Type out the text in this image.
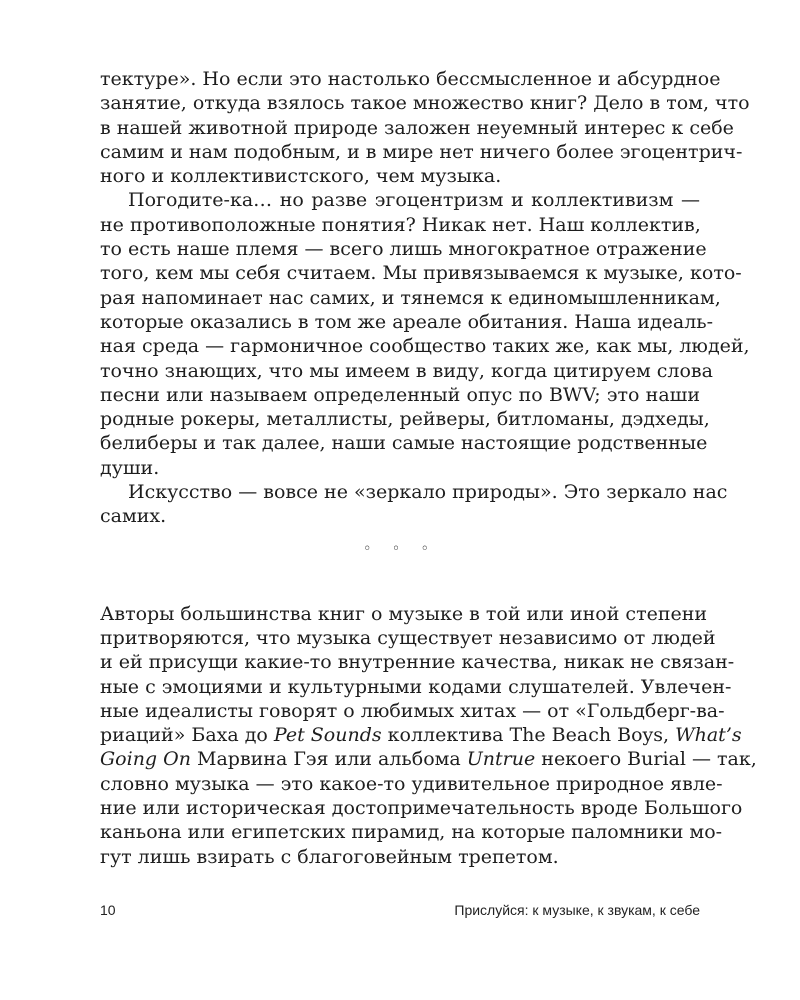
тектуре». Но если это настолько бессмысленное и абсурдное
занятие, откуда взялось такое множество книг? Дело в том, что
в нашей животной природе заложен неуемный интерес к себе
самим и нам подобным, и в мире нет ничего более эгоцентрич-
ного и коллективистского, чем музыка.
Погодите-ка… но разве эгоцентризм и коллективизм —
не противоположные понятия? Никак нет. Наш коллектив,
то есть наше племя — всего лишь многократное отражение
того, кем мы себя считаем. Мы привязываемся к музыке, кото-
рая напоминает нас самих, и тянемся к единомышленникам,
которые оказались в том же ареале обитания. Наша идеаль-
ная среда — гармоничное сообщество таких же, как мы, людей,
точно знающих, что мы имеем в виду, когда цитируем слова
песни или называем определенный опус по BWV; это наши
родные рокеры, металлисты, рейверы, битломаны, дэдхеды,
белиберы и так далее, наши самые настоящие родственные
души.
Искусство — вовсе не «зеркало природы». Это зеркало нас
самих.
Авторы большинства книг о музыке в той или иной степени
притворяются, что музыка существует независимо от людей
и ей присущи какие-то внутренние качества, никак не связан-
ные с эмоциями и культурными кодами слушателей. Увлечен-
ные идеалисты говорят о любимых хитах — от «Гольдберг-ва-
риаций» Баха до Pet Sounds коллектива The Beach Boys, What’s
Going On Марвина Гэя или альбома Untrue некоего Burial — так,
словно музыка — это какое-то удивительное природное явле-
ние или историческая достопримечательность вроде Большого
каньона или египетских пирамид, на которые паломники мо-
гут лишь взирать с благоговейным трепетом.
◦ ◦ ◦
10	Прислуйся: к музыке, к звукам, к себе
